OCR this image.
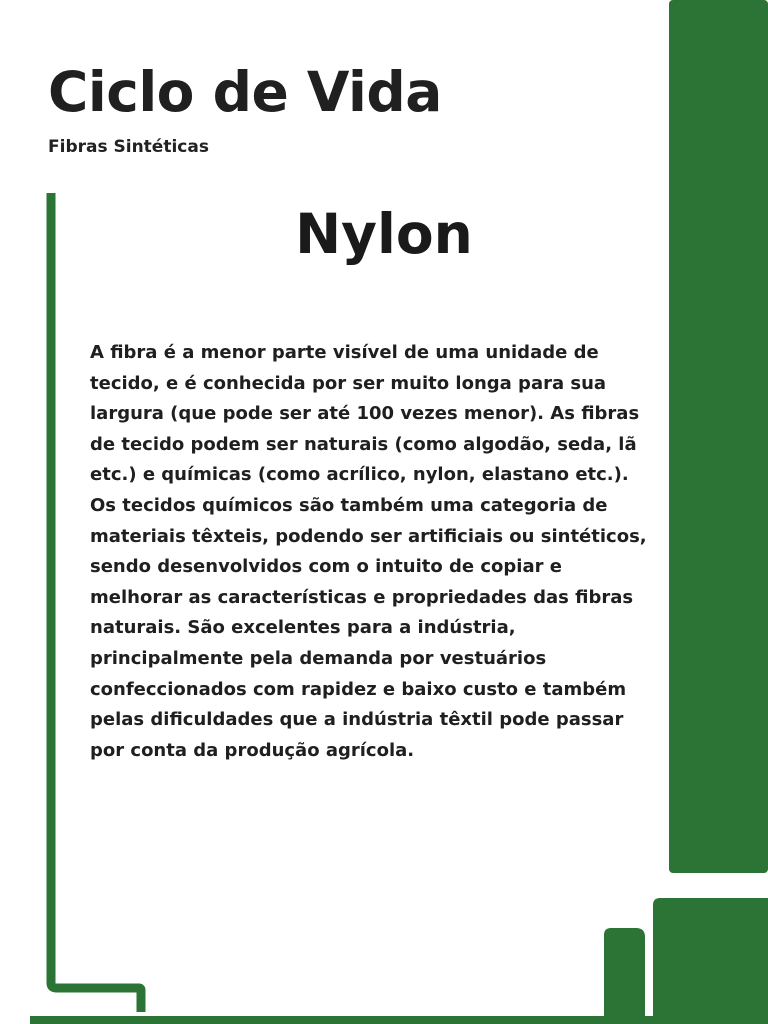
Ciclo de Vida

Fibras Sintéticas

Nylon

A fibra é a menor parte visível de uma unidade de tecido, e é conhecida por ser muito longa para sua largura (que pode ser até 100 vezes menor). As fibras de tecido podem ser naturais (como algodão, seda, lã etc.) e químicas (como acrílico, nylon, elastano etc.). Os tecidos químicos são também uma categoria de materiais têxteis, podendo ser artificiais ou sintéticos, sendo desenvolvidos com o intuito de copiar e melhorar as características e propriedades das fibras naturais. São excelentes para a indústria, principalmente pela demanda por vestuários confeccionados com rapidez e baixo custo e também pelas dificuldades que a indústria têxtil pode passar por conta da produção agrícola.
